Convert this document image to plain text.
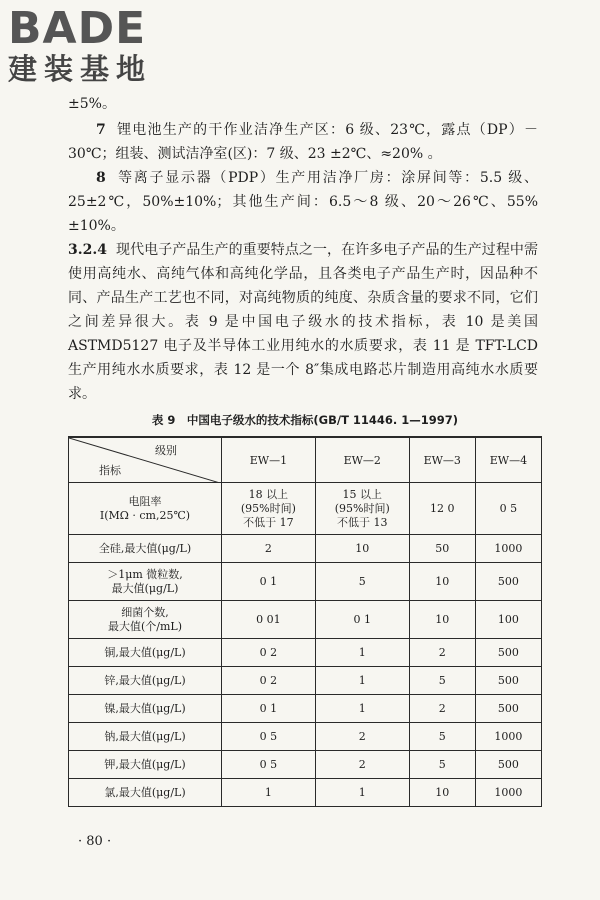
BADE
建装基地

±5%。

7 锂电池生产的干作业洁净生产区：6 级、23℃，露点（DP）－30℃；组装、测试洁净室(区)：7 级、23 ±2℃、≈20% 。

8 等离子显示器（PDP）生产用洁净厂房：涂屏间等：5.5 级、25±2℃，50%±10%；其他生产间：6.5～8 级、20～26℃、55%±10%。

3.2.4 现代电子产品生产的重要特点之一，在许多电子产品的生产过程中需使用高纯水、高纯气体和高纯化学品，且各类电子产品生产时，因品种不同、产品生产工艺也不同，对高纯物质的纯度、杂质含量的要求不同，它们之间差异很大。表 9 是中国电子级水的技术指标，表 10 是美国 ASTMD5127 电子及半导体工业用纯水的水质要求，表 11 是 TFT-LCD 生产用纯水水质要求，表 12 是一个 8″集成电路芯片制造用高纯水水质要求。

表 9　中国电子级水的技术指标(GB/T 11446. 1—1997)
级别
指标	EW—1	EW—2	EW—3	EW—4

电阻率
I(MΩ · cm,25℃)	18 以上
(95%时间)
不低于 17	15 以上
(95%时间)
不低于 13	12 0	0 5

全硅,最大值(μg/L)	2	10	50	1000

＞1μm 微粒数,
最大值(μg/L)	0 1	5	10	500

细菌个数,
最大值(个/mL)	0 01	0 1	10	100

铜,最大值(μg/L)	0 2	1	2	500

锌,最大值(μg/L)	0 2	1	5	500

镍,最大值(μg/L)	0 1	1	2	500

钠,最大值(μg/L)	0 5	2	5	1000

钾,最大值(μg/L)	0 5	2	5	500

氯,最大值(μg/L)	1	1	10	1000
· 80 ·
